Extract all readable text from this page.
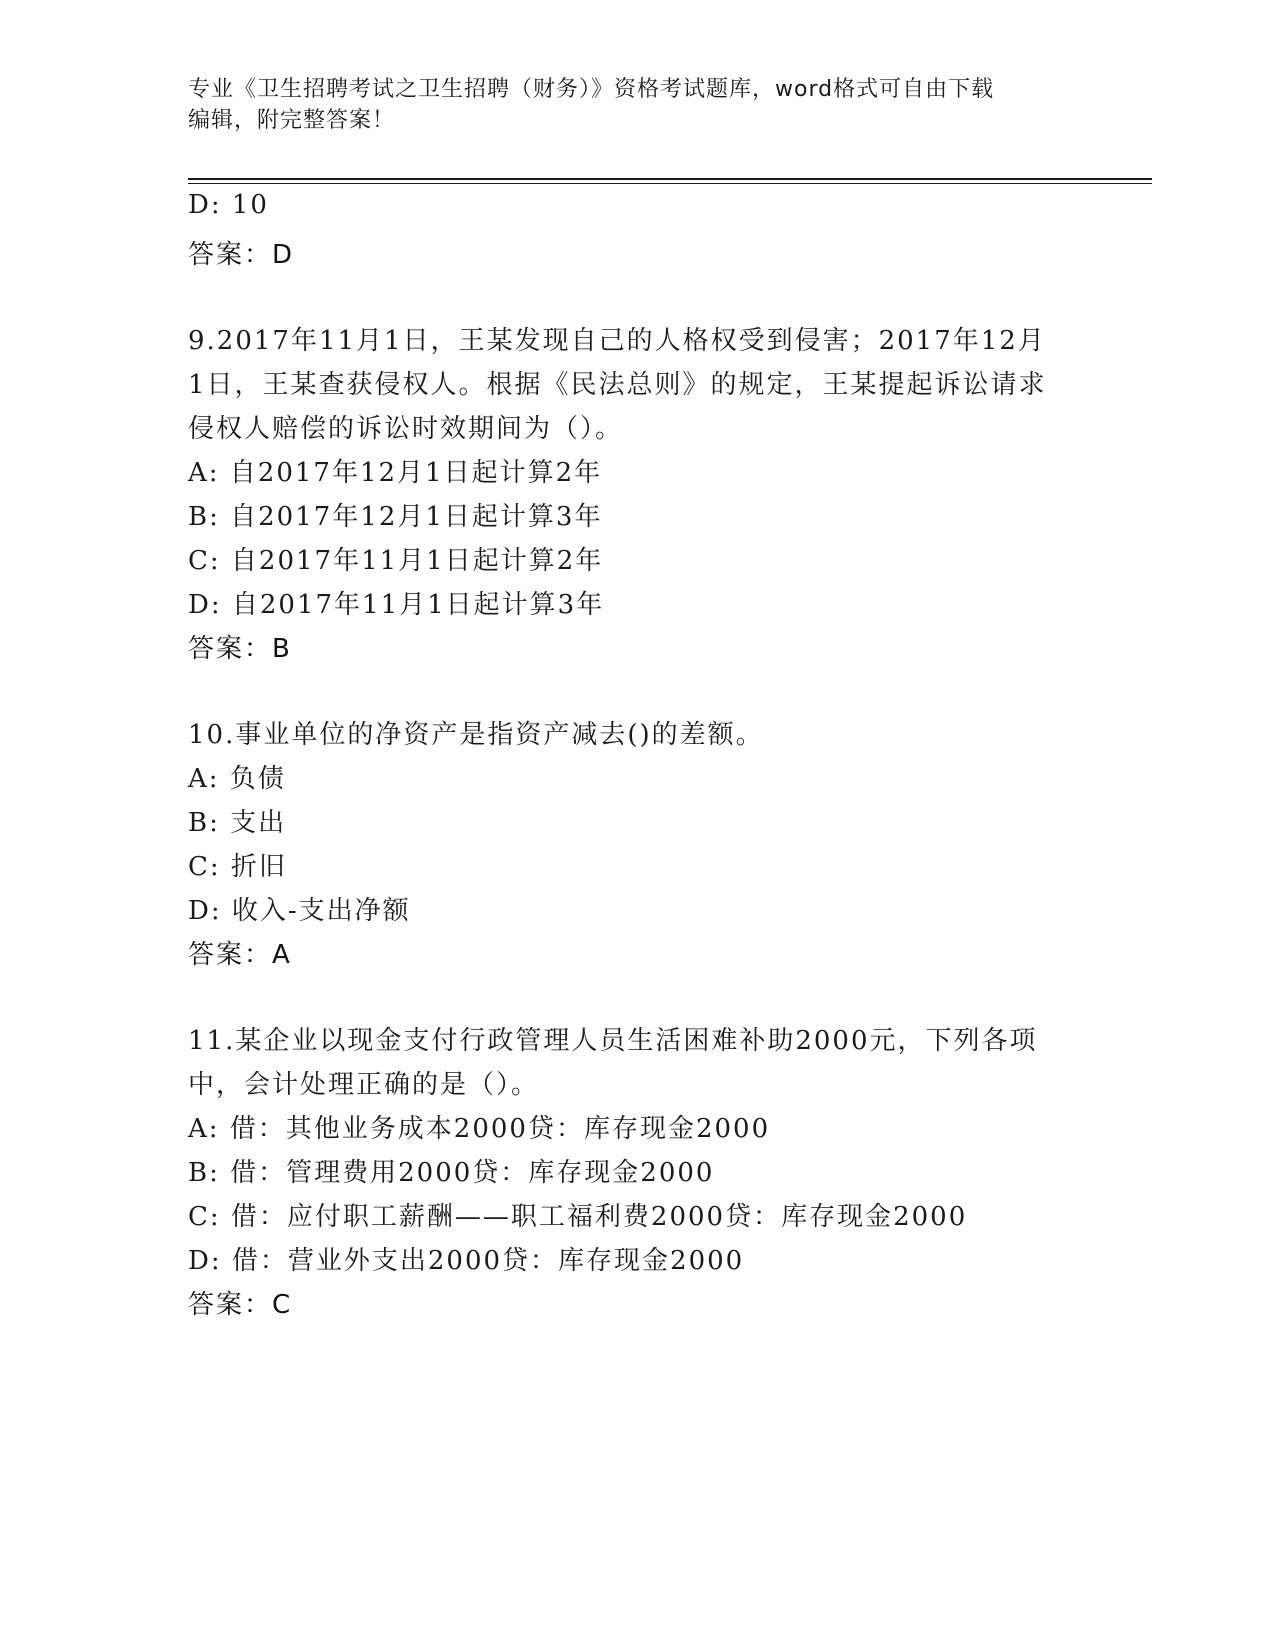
专业《卫生招聘考试之卫生招聘（财务）》资格考试题库，word格式可自由下载
编辑，附完整答案！
D: 10
答案：D
9.2017年11月1日，王某发现自己的人格权受到侵害；2017年12月
1日，王某查获侵权人。根据《民法总则》的规定，王某提起诉讼请求
侵权人赔偿的诉讼时效期间为（）。
A: 自2017年12月1日起计算2年
B: 自2017年12月1日起计算3年
C: 自2017年11月1日起计算2年
D: 自2017年11月1日起计算3年
答案：B
10.事业单位的净资产是指资产减去()的差额。
A: 负债
B: 支出
C: 折旧
D: 收入-支出净额
答案：A
11.某企业以现金支付行政管理人员生活困难补助2000元，下列各项
中，会计处理正确的是（）。
A: 借：其他业务成本2000贷：库存现金2000
B: 借：管理费用2000贷：库存现金2000
C: 借：应付职工薪酬——职工福利费2000贷：库存现金2000
D: 借：营业外支出2000贷：库存现金2000
答案：C
